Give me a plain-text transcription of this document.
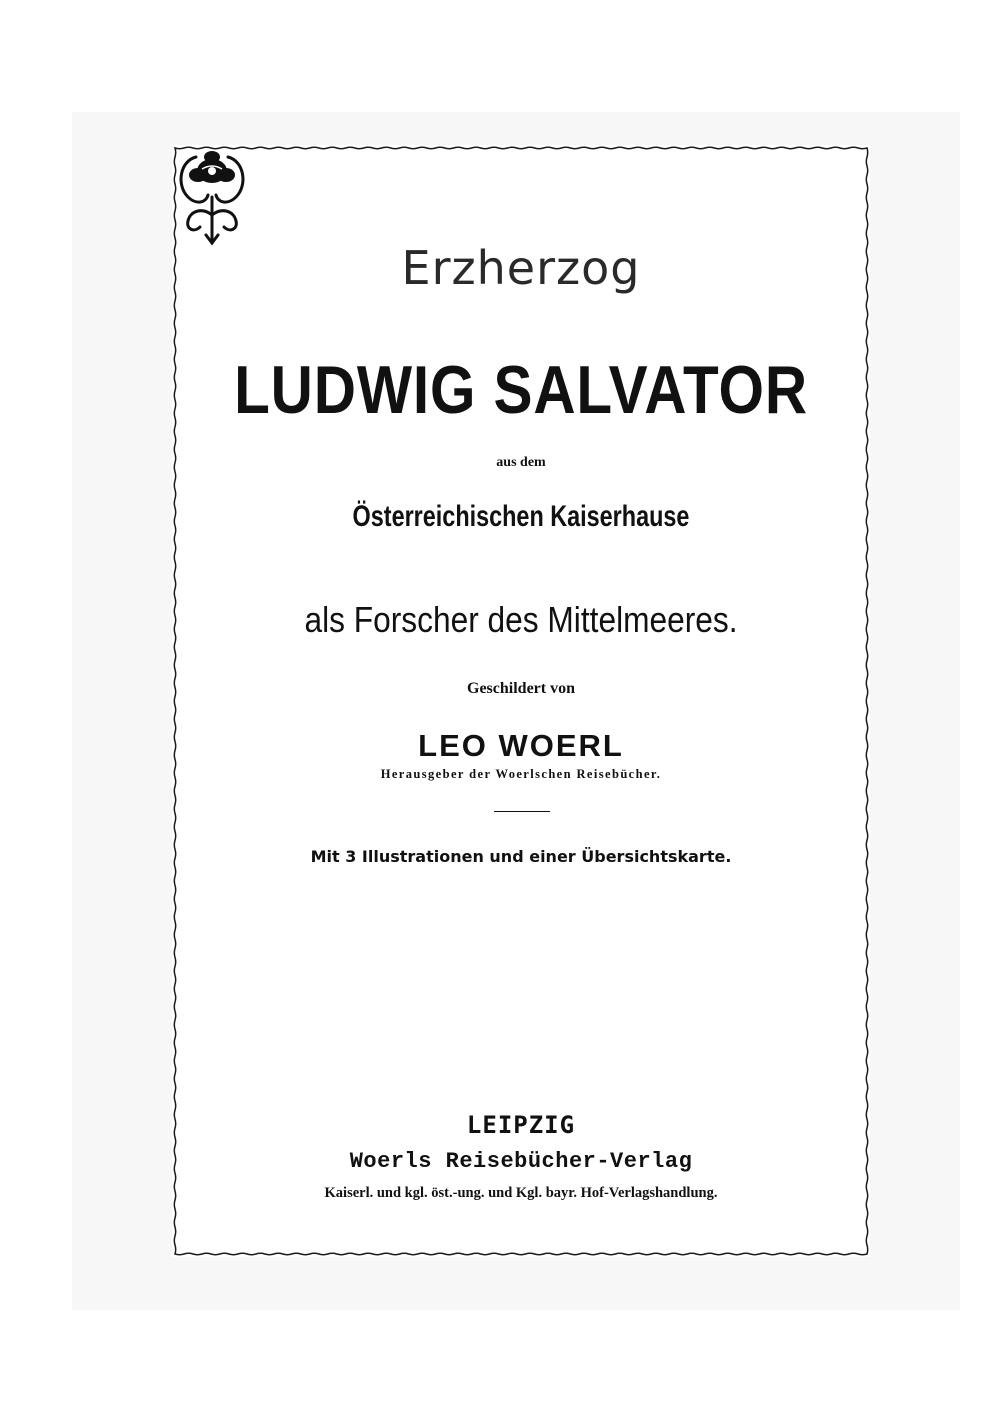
Erzherzog
LUDWIG SALVATOR
aus dem
Österreichischen Kaiserhause
als Forscher des Mittelmeeres.
Geschildert von
LEO WOERL
Herausgeber der Woerlschen Reisebücher.
Mit 3 Illustrationen und einer Übersichtskarte.
LEIPZIG
Woerls Reisebücher-Verlag
Kaiserl. und kgl. öst.-ung. und Kgl. bayr. Hof-Verlagshandlung.
